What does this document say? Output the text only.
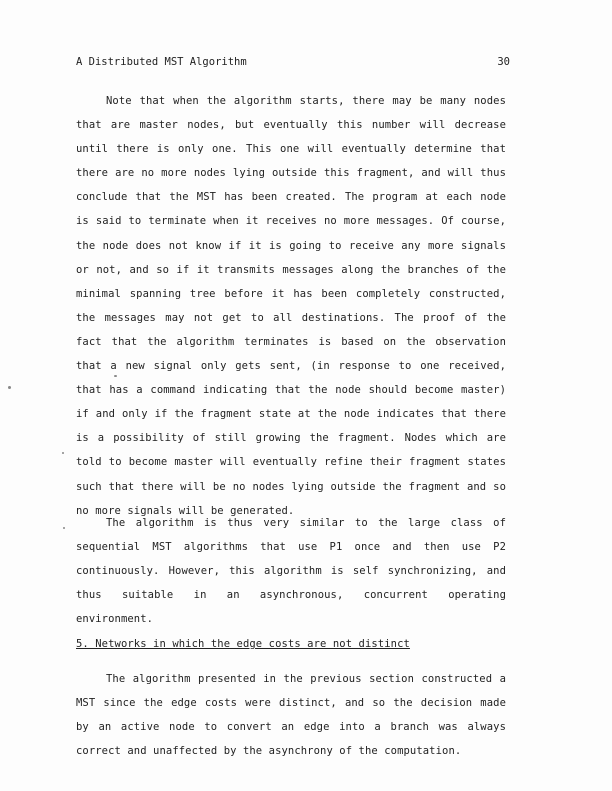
A Distributed MST Algorithm	30

Note that when the algorithm starts, there may be many nodes that are master nodes, but eventually this number will decrease until there is only one. This one will eventually determine that there are no more nodes lying outside this fragment, and will thus conclude that the MST has been created. The program at each node is said to terminate when it receives no more messages. Of course, the node does not know if it is going to receive any more signals or not, and so if it transmits messages along the branches of the minimal spanning tree before it has been completely constructed, the messages may not get to all destinations. The proof of the fact that the algorithm terminates is based on the observation that a new signal only gets sent, (in response to one received, that has a command indicating that the node should become master) if and only if the fragment state at the node indicates that there is a possibility of still growing the fragment. Nodes which are told to become master will eventually refine their fragment states such that there will be no nodes lying outside the fragment and so no more signals will be generated.

The algorithm is thus very similar to the large class of sequential MST algorithms that use P1 once and then use P2 continuously. However, this algorithm is self synchronizing, and thus suitable in an asynchronous, concurrent operating environment.

5. Networks in which the edge costs are not distinct

The algorithm presented in the previous section constructed a MST since the edge costs were distinct, and so the decision made by an active node to convert an edge into a branch was always correct and unaffected by the asynchrony of the computation.
